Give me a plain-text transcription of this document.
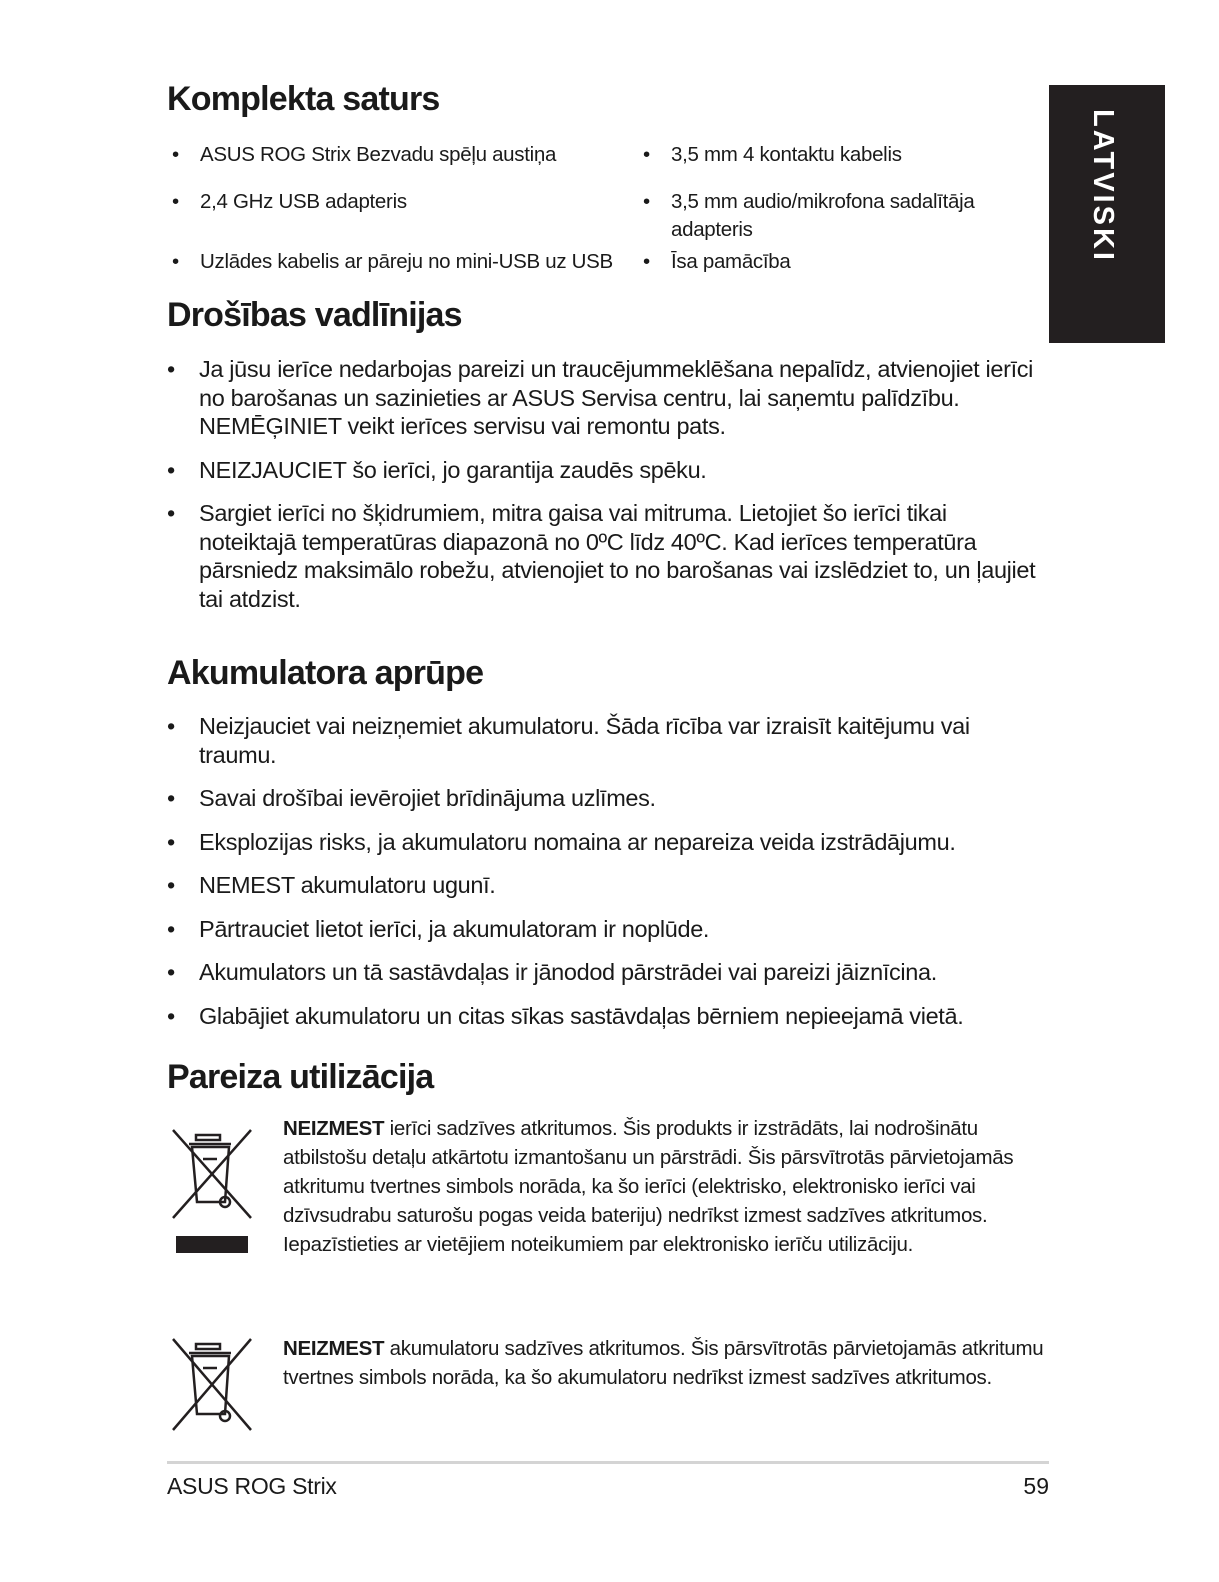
LATVISKI
Komplekta saturs
• ASUS ROG Strix Bezvadu spēļu austiņa
• 2,4 GHz USB adapteris
• Uzlādes kabelis ar pāreju no mini-USB uz USB
• 3,5 mm 4 kontaktu kabelis
• 3,5 mm audio/mikrofona sadalītāja adapteris
• Īsa pamācība
Drošības vadlīnijas
• Ja jūsu ierīce nedarbojas pareizi un traucējummeklēšana nepalīdz, atvienojiet ierīci no barošanas un sazinieties ar ASUS Servisa centru, lai saņemtu palīdzību. NEMĒĢINIET veikt ierīces servisu vai remontu pats.
• NEIZJAUCIET šo ierīci, jo garantija zaudēs spēku.
• Sargiet ierīci no šķidrumiem, mitra gaisa vai mitruma. Lietojiet šo ierīci tikai noteiktajā temperatūras diapazonā no 0ºC līdz 40ºC. Kad ierīces temperatūra pārsniedz maksimālo robežu, atvienojiet to no barošanas vai izslēdziet to, un ļaujiet tai atdzist.
Akumulatora aprūpe
• Neizjauciet vai neizņemiet akumulatoru. Šāda rīcība var izraisīt kaitējumu vai traumu.
• Savai drošībai ievērojiet brīdinājuma uzlīmes.
• Eksplozijas risks, ja akumulatoru nomaina ar nepareiza veida izstrādājumu.
• NEMEST akumulatoru ugunī.
• Pārtrauciet lietot ierīci, ja akumulatoram ir noplūde.
• Akumulators un tā sastāvdaļas ir jānodod pārstrādei vai pareizi jāiznīcina.
• Glabājiet akumulatoru un citas sīkas sastāvdaļas bērniem nepieejamā vietā.
Pareiza utilizācija

NEIZMEST ierīci sadzīves atkritumos. Šis produkts ir izstrādāts, lai nodrošinātu atbilstošu detaļu atkārtotu izmantošanu un pārstrādi. Šis pārsvītrotās pārvietojamās atkritumu tvertnes simbols norāda, ka šo ierīci (elektrisko, elektronisko ierīci vai dzīvsudrabu saturošu pogas veida bateriju) nedrīkst izmest sadzīves atkritumos. Iepazīstieties ar vietējiem noteikumiem par elektronisko ierīču utilizāciju.

NEIZMEST akumulatoru sadzīves atkritumos. Šis pārsvītrotās pārvietojamās atkritumu tvertnes simbols norāda, ka šo akumulatoru nedrīkst izmest sadzīves atkritumos.

ASUS ROG Strix	59
